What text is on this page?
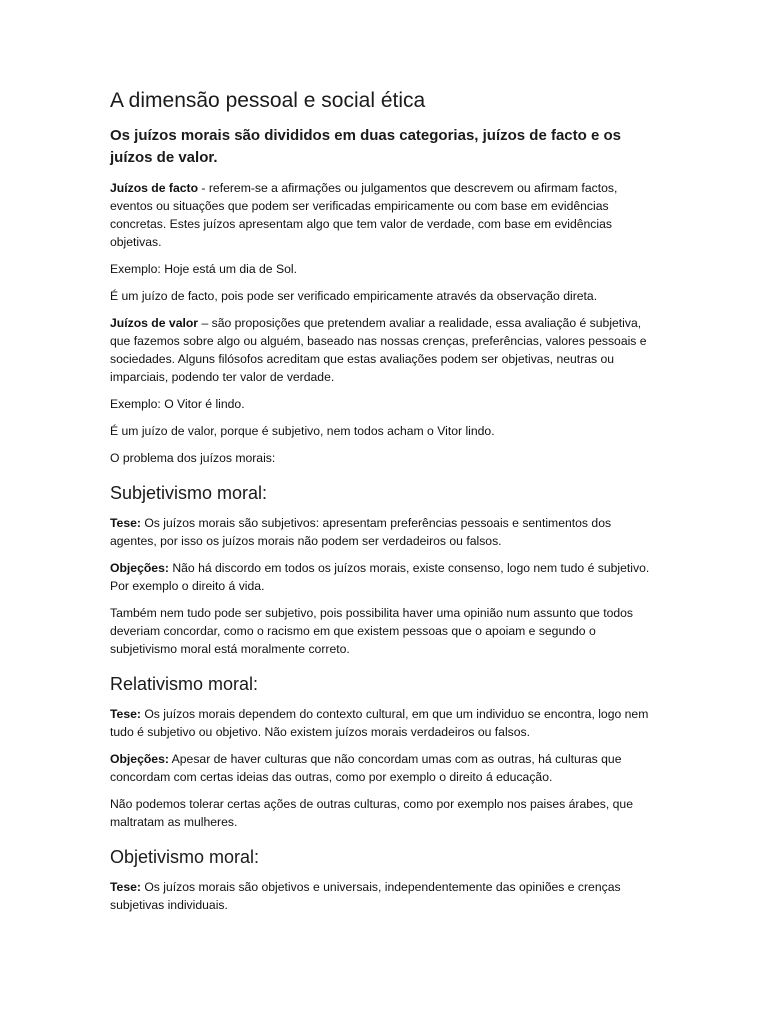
A dimensão pessoal e social ética

Os juízos morais são divididos em duas categorias, juízos de facto e os juízos de valor.

Juízos de facto - referem-se a afirmações ou julgamentos que descrevem ou afirmam factos, eventos ou situações que podem ser verificadas empiricamente ou com base em evidências concretas. Estes juízos apresentam algo que tem valor de verdade, com base em evidências objetivas.

Exemplo: Hoje está um dia de Sol.

É um juízo de facto, pois pode ser verificado empiricamente através da observação direta.

Juízos de valor – são proposições que pretendem avaliar a realidade, essa avaliação é subjetiva, que fazemos sobre algo ou alguém, baseado nas nossas crenças, preferências, valores pessoais e sociedades. Alguns filósofos acreditam que estas avaliações podem ser objetivas, neutras ou imparciais, podendo ter valor de verdade.

Exemplo: O Vitor é lindo.

É um juízo de valor, porque é subjetivo, nem todos acham o Vitor lindo.

O problema dos juízos morais:

Subjetivismo moral:

Tese: Os juízos morais são subjetivos: apresentam preferências pessoais e sentimentos dos agentes, por isso os juízos morais não podem ser verdadeiros ou falsos.

Objeções: Não há discordo em todos os juízos morais, existe consenso, logo nem tudo é subjetivo. Por exemplo o direito á vida.

Também nem tudo pode ser subjetivo, pois possibilita haver uma opinião num assunto que todos deveriam concordar, como o racismo em que existem pessoas que o apoiam e segundo o subjetivismo moral está moralmente correto.

Relativismo moral:

Tese: Os juízos morais dependem do contexto cultural, em que um individuo se encontra, logo nem tudo é subjetivo ou objetivo. Não existem juízos morais verdadeiros ou falsos.

Objeções: Apesar de haver culturas que não concordam umas com as outras, há culturas que concordam com certas ideias das outras, como por exemplo o direito á educação.

Não podemos tolerar certas ações de outras culturas, como por exemplo nos paises árabes, que maltratam as mulheres.

Objetivismo moral:

Tese: Os juízos morais são objetivos e universais, independentemente das opiniões e crenças subjetivas individuais.
